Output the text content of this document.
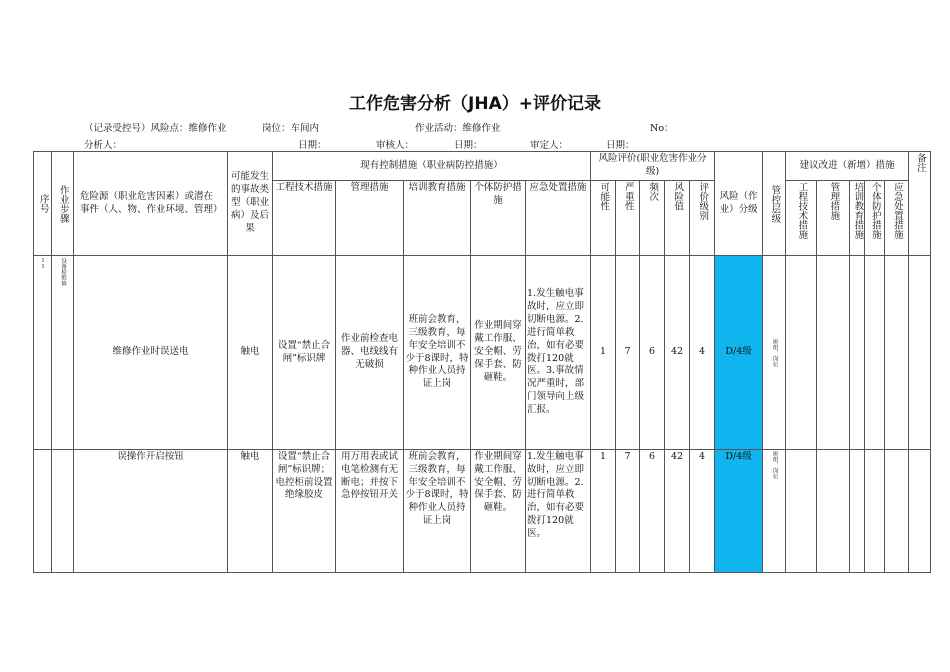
工作危害分析（JHA）+评价记录
（记录受控号）风险点：维修作业	岗位：车间内	作业活动：维修作业	No：
分析人：	日期：	审核人：	日期：	审定人：	日期：
序号	作业步骤	危险源（职业危害因素）或潜在事件（人、物、作业环境、管理）	可能发生的事故类型（职业病）及后果	现有控制措施（职业病防控措施）					风险评价(职业危害作业分级)					风险（作业）分级	管控层级	建议改进（新增）措施					备注

				工程技术措施	管理措施	培训教育措施	个体防护措施	应急处置措施	可能性	严重性	频次	风险值	评价级别			工程技术措施	管理措施	培训教育措施	个体防护措施	应急处置措施	

11	设备检维修	维修作业时误送电	触电	设置“禁止合闸”标识牌	作业前检查电器、电线线有无破损	班前会教育，三级教育，每年安全培训不少于8课时，特种作业人员持证上岗	作业期间穿戴工作服、安全帽、劳保手套、防砸鞋。	1.发生触电事故时，应立即切断电源。2.进行简单救治，如有必要拨打120就医。3.事故情况严重时，部门领导向上级汇报。	1	7	6	42	4	D/4级	班组、岗位						

		误操作开启按钮	触电	设置“禁止合闸”标识牌；电控柜前设置绝缘胶皮	用万用表或试电笔检测有无断电；并按下急停按钮开关	班前会教育，三级教育，每年安全培训不少于8课时，特种作业人员持证上岗	作业期间穿戴工作服、安全帽、劳保手套、防砸鞋。	1.发生触电事故时，应立即切断电源。2.进行简单救治，如有必要拨打120就医。	1	7	6	42	4	D/4级	班组、岗位						
